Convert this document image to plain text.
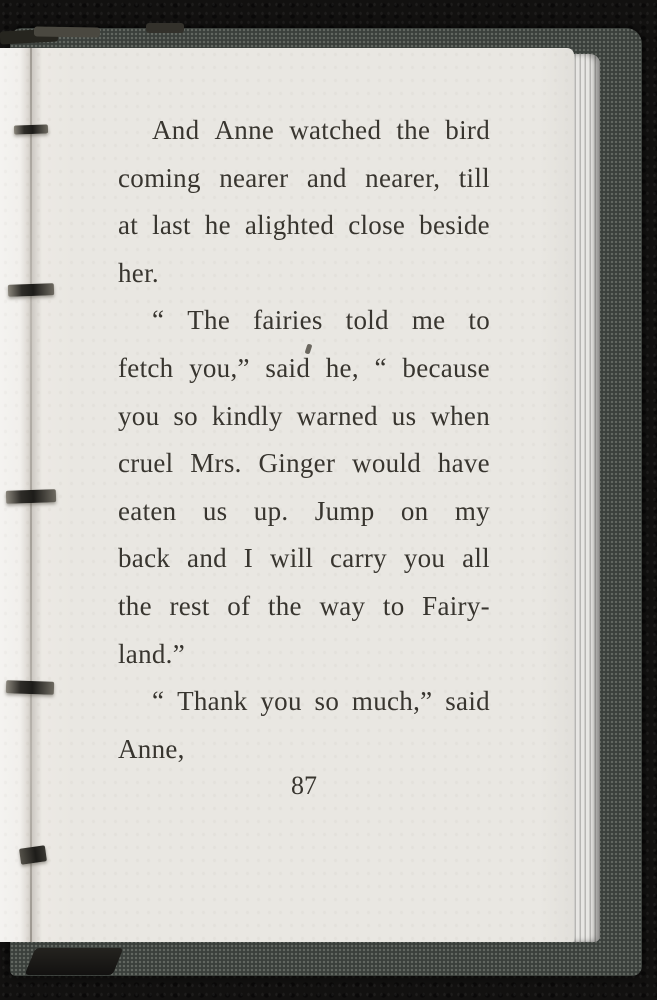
And Anne watched the bird
coming nearer and nearer, till
at last he alighted close beside
her.
“ The fairies told me to
fetch you,” said he, “ because
you so kindly warned us when
cruel Mrs. Ginger would have
eaten us up. Jump on my
back and I will carry you all
the rest of the way to Fairy-
land.”
“ Thank you so much,” said
Anne,
87
